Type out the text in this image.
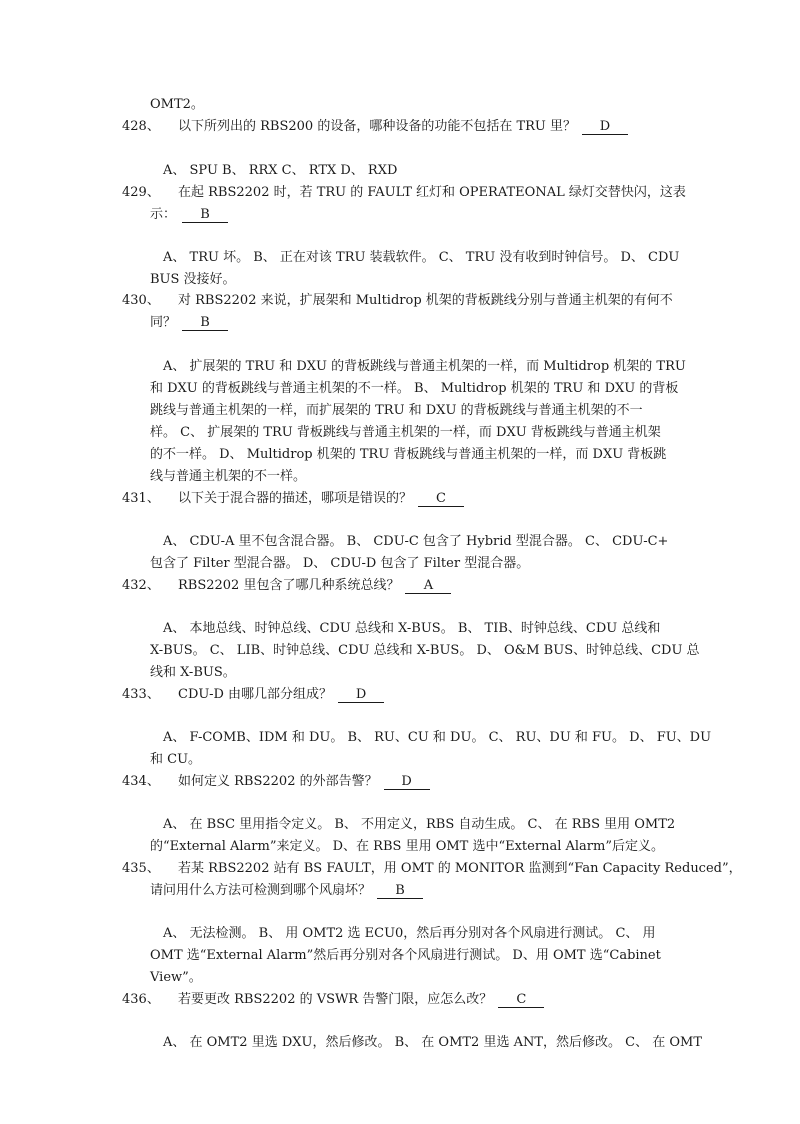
OMT2。
428、 以下所列出的 RBS200 的设备，哪种设备的功能不包括在 TRU 里？ D
A、 SPU B、 RRX C、 RTX D、 RXD
429、 在起 RBS2202 时，若 TRU 的 FAULT 红灯和 OPERATEONAL 绿灯交替快闪，这表
示： B
A、 TRU 坏。 B、 正在对该 TRU 装载软件。 C、 TRU 没有收到时钟信号。 D、 CDU
BUS 没接好。
430、 对 RBS2202 来说，扩展架和 Multidrop 机架的背板跳线分别与普通主机架的有何不
同？ B
A、 扩展架的 TRU 和 DXU 的背板跳线与普通主机架的一样，而 Multidrop 机架的 TRU
和 DXU 的背板跳线与普通主机架的不一样。 B、 Multidrop 机架的 TRU 和 DXU 的背板
跳线与普通主机架的一样，而扩展架的 TRU 和 DXU 的背板跳线与普通主机架的不一
样。 C、 扩展架的 TRU 背板跳线与普通主机架的一样，而 DXU 背板跳线与普通主机架
的不一样。 D、 Multidrop 机架的 TRU 背板跳线与普通主机架的一样，而 DXU 背板跳
线与普通主机架的不一样。
431、 以下关于混合器的描述，哪项是错误的？ C
A、 CDU-A 里不包含混合器。 B、 CDU-C 包含了 Hybrid 型混合器。 C、 CDU-C+
包含了 Filter 型混合器。 D、 CDU-D 包含了 Filter 型混合器。
432、 RBS2202 里包含了哪几种系统总线？ A
A、 本地总线、时钟总线、CDU 总线和 X-BUS。 B、 TIB、时钟总线、CDU 总线和
X-BUS。 C、 LIB、时钟总线、CDU 总线和 X-BUS。 D、 O&M BUS、时钟总线、CDU 总
线和 X-BUS。
433、 CDU-D 由哪几部分组成？ D
A、 F-COMB、IDM 和 DU。 B、 RU、CU 和 DU。 C、 RU、DU 和 FU。 D、 FU、DU
和 CU。
434、 如何定义 RBS2202 的外部告警？ D
A、 在 BSC 里用指令定义。 B、 不用定义，RBS 自动生成。 C、 在 RBS 里用 OMT2
的“External Alarm”来定义。 D、在 RBS 里用 OMT 选中“External Alarm”后定义。
435、 若某 RBS2202 站有 BS FAULT，用 OMT 的 MONITOR 监测到“Fan Capacity Reduced”，
请问用什么方法可检测到哪个风扇坏？ B
A、 无法检测。 B、 用 OMT2 选 ECU0，然后再分别对各个风扇进行测试。 C、 用
OMT 选“External Alarm”然后再分别对各个风扇进行测试。 D、用 OMT 选“Cabinet
View”。
436、 若要更改 RBS2202 的 VSWR 告警门限，应怎么改？ C
A、 在 OMT2 里选 DXU，然后修改。 B、 在 OMT2 里选 ANT，然后修改。 C、 在 OMT
